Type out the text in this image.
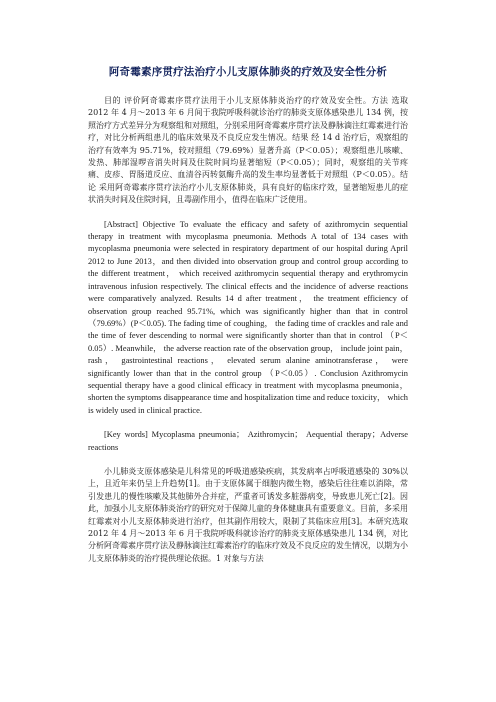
阿奇霉素序贯疗法治疗小儿支原体肺炎的疗效及安全性分析

目的 评价阿奇霉素序贯疗法用于小儿支原体肺炎治疗的疗效及安全性。方法 选取 2012 年 4 月～2013 年 6 月间于我院呼吸科就诊治疗的肺炎支原体感染患儿 134 例，按照治疗方式差异分为观察组和对照组，分别采用阿奇霉素序贯疗法及静脉滴注红霉素进行治疗，对比分析两组患儿的临床效果及不良反应发生情况。结果 经 14 d 治疗后，观察组的治疗有效率为 95.71%，较对照组（79.69%）显著升高（P＜0.05）；观察组患儿咳嗽、发热、肺部湿啰音消失时间及住院时间均显著缩短（P＜0.05）；同时，观察组的关节疼痛、皮疹、胃肠道反应、血清谷丙转氨酶升高的发生率均显著低于对照组（P＜0.05）。结论 采用阿奇霉素序贯疗法治疗小儿支原体肺炎，具有良好的临床疗效，显著缩短患儿的症状消失时间及住院时间，且毒副作用小，值得在临床广泛使用。

[Abstract] Objective To evaluate the efficacy and safety of azithromycin sequential therapy in treatment with mycoplasma pneumonia. Methods A total of 134 cases with mycoplasma pneumonia were selected in respiratory department of our hospital during April 2012 to June 2013，and then divided into observation group and control group according to the different treatment， which received azithromycin sequential therapy and erythromycin intravenous infusion respectively. The clinical effects and the incidence of adverse reactions were comparatively analyzed. Results 14 d after treatment， the treatment efficiency of observation group reached 95.71%, which was significantly higher than that in control （79.69%）(P＜0.05). The fading time of coughing， the fading time of crackles and rale and the time of fever descending to normal were significantly shorter than that in control （P＜0.05）. Meanwhile， the adverse reaction rate of the observation group， include joint pain，rash， gastrointestinal reactions， elevated serum alanine aminotransferase， were significantly lower than that in the control group （P＜0.05）. Conclusion Azithromycin sequential therapy have a good clinical efficacy in treatment with mycoplasma pneumonia， shorten the symptoms disappearance time and hospitalization time and reduce toxicity， which is widely used in clinical practice.

[Key words] Mycoplasma pneumonia； Azithromycin； Aequential therapy；Adverse reactions

小儿肺炎支原体感染是儿科常见的呼吸道感染疾病，其发病率占呼吸道感染的 30%以上，且近年来仍呈上升趋势[1]。由于支原体属于细胞内微生物，感染后往往难以消除，常引发患儿的慢性咳嗽及其他肺外合并症，严重者可诱发多脏器病变，导致患儿死亡[2]。因此，加强小儿支原体肺炎治疗的研究对于保障儿童的身体健康具有重要意义。目前，多采用红霉素对小儿支原体肺炎进行治疗，但其副作用较大，限制了其临床应用[3]。本研究选取 2012 年 4 月～2013 年 6 月于我院呼吸科就诊治疗的肺炎支原体感染患儿 134 例，对比分析阿奇霉素序贯疗法及静脉滴注红霉素治疗的临床疗效及不良反应的发生情况，以期为小儿支原体肺炎的治疗提供理论依据。1 对象与方法
